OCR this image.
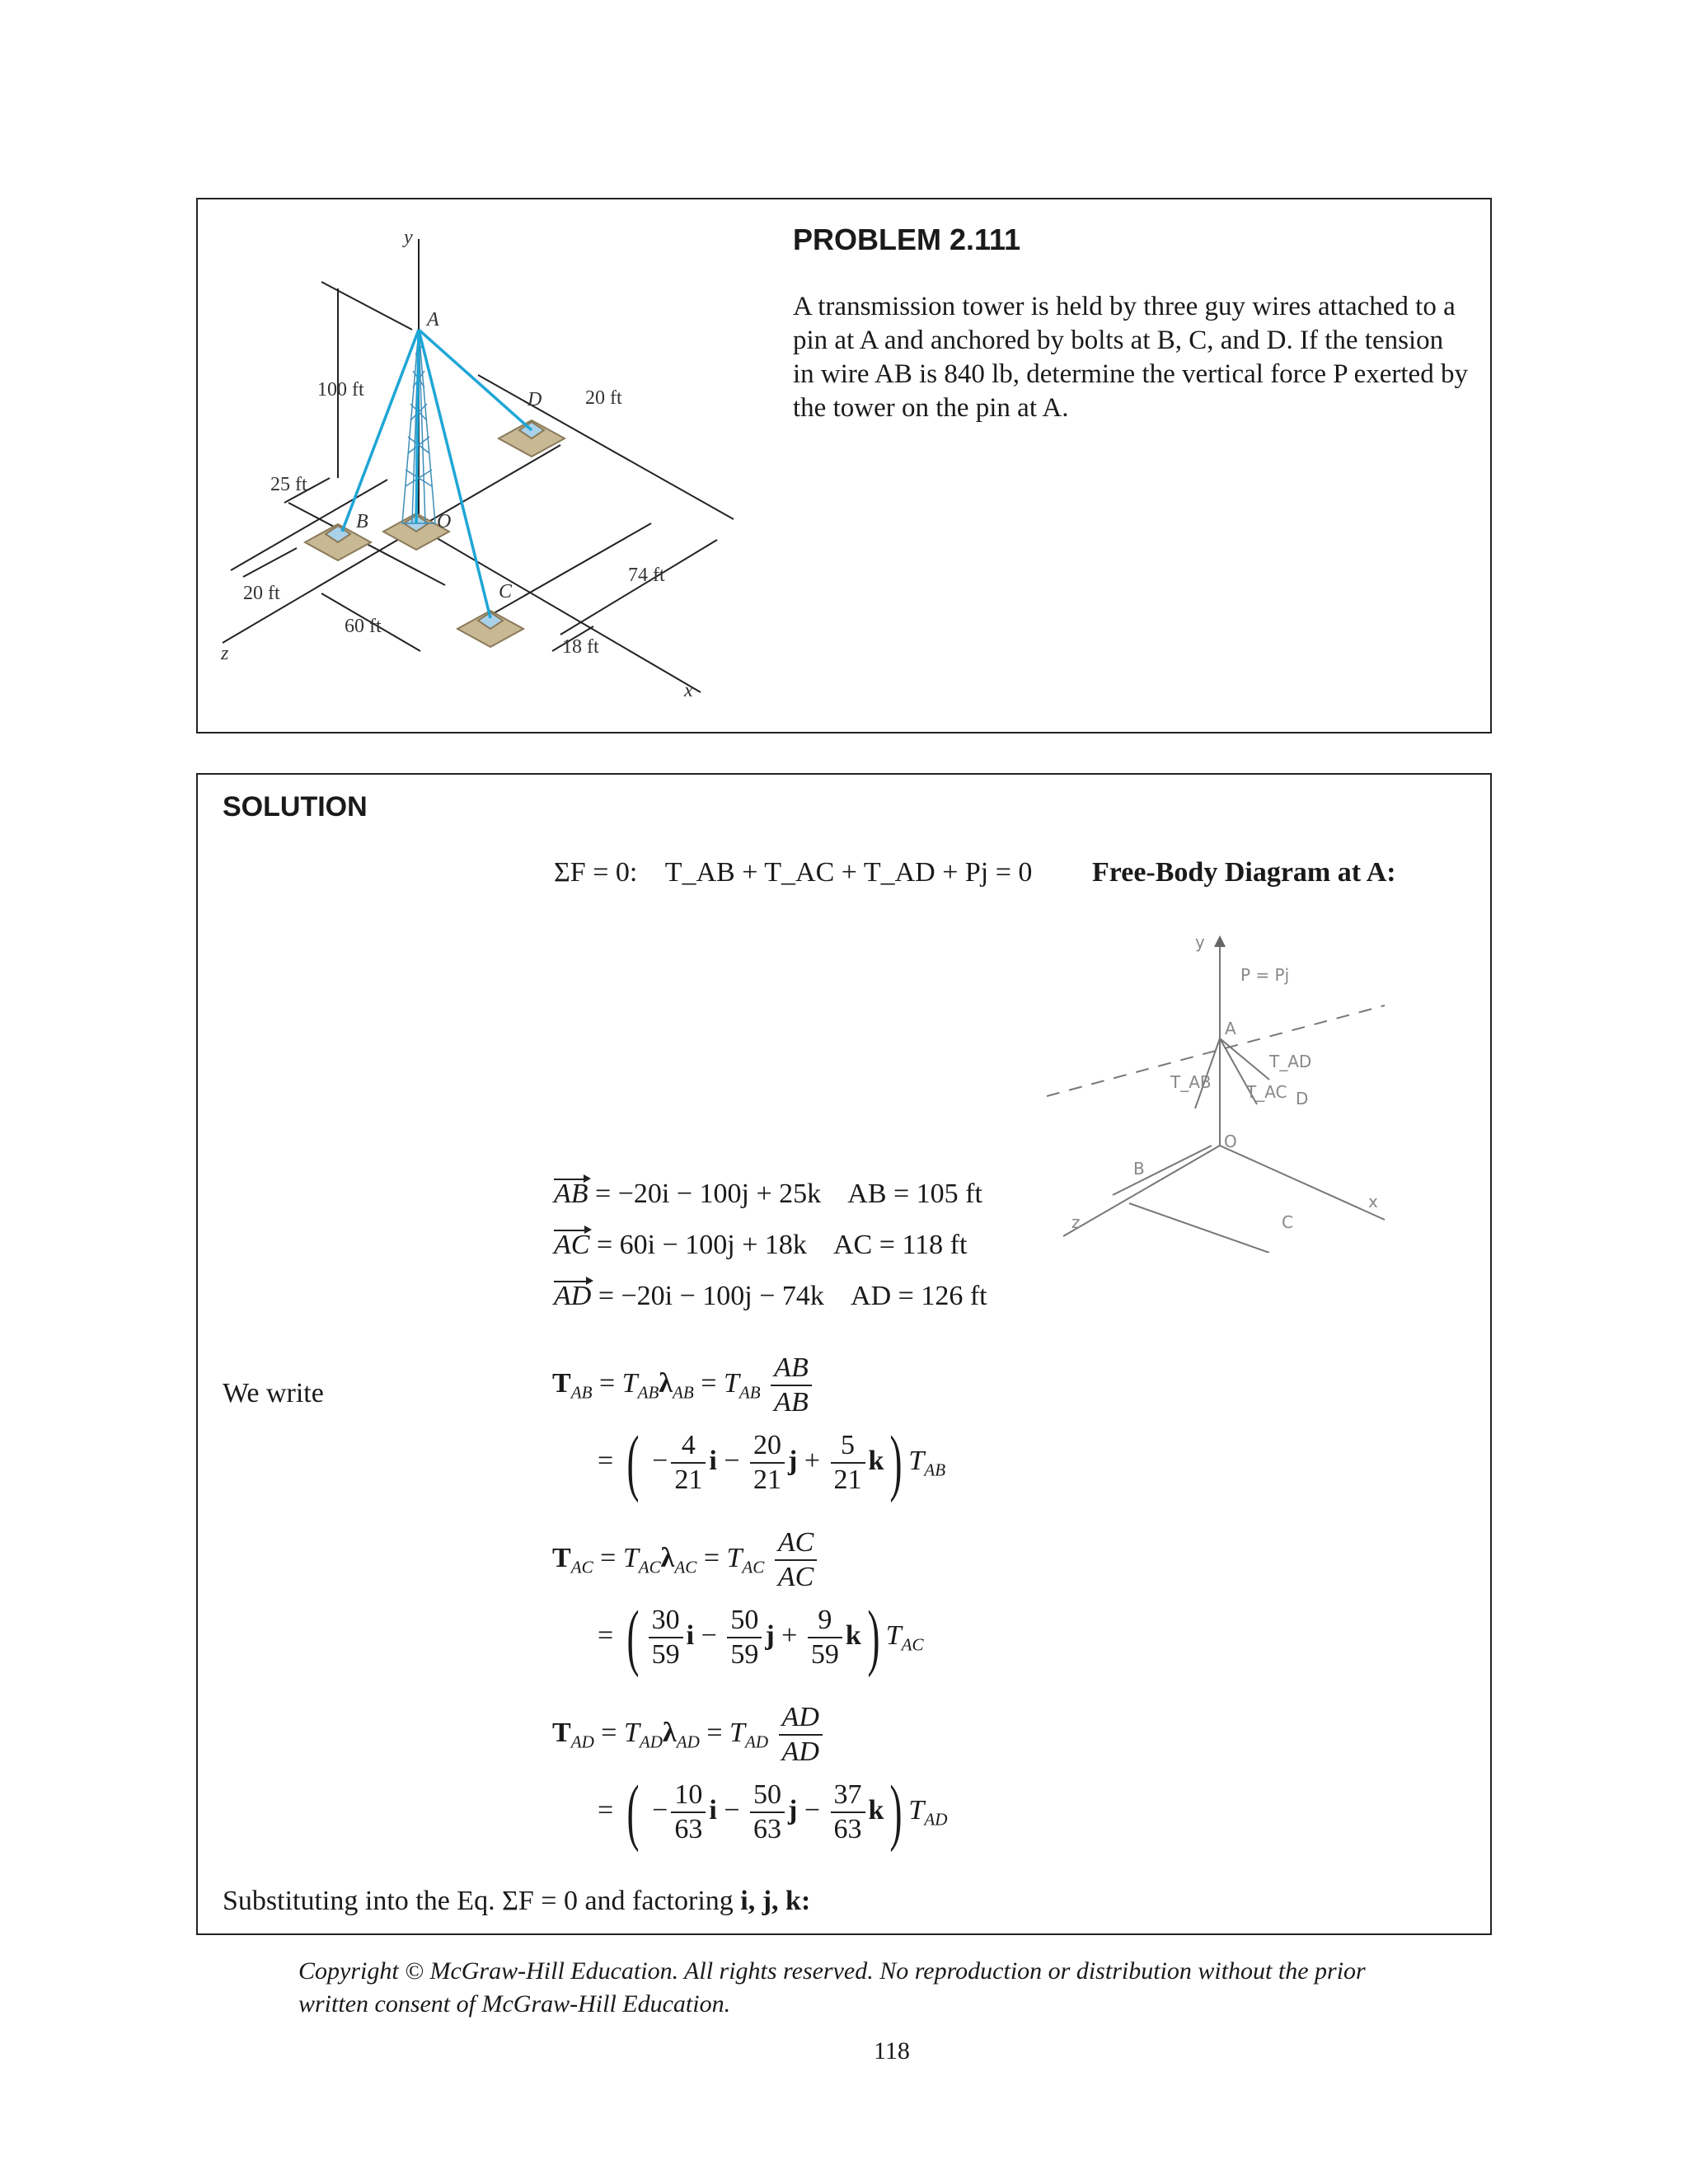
y
A
D
B	O
C
x
z
100 ft	20 ft
25 ft
20 ft
60 ft
74 ft
18 ft
PROBLEM 2.111
A transmission tower is held by three guy wires attached to a pin at A and anchored by bolts at B, C, and D. If the tension in wire AB is 840 lb, determine the vertical force P exerted by the tower on the pin at A.
SOLUTION
ΣF = 0: T_AB + T_AC + T_AD + Pj = 0 Free-Body Diagram at A:
y
P = Pj
A
T_AD
T_AB T_AC D
O
B
C
x
z
AB = −20i − 100j + 25k AB = 105 ft
AC = 60i − 100j + 18k AC = 118 ft
AD = −20i − 100j − 74k AD = 126 ft
We write	$T_{AB} = T_{AB}\lambda_{AB} = T_{AB} \frac{AB}{AB}$
= ( − $\frac{4}{21}$ $i - \frac{20}{21}$ $j + \frac{5}{21} k$) $T_{AB}$
$T_{AC} = T_{AC}\lambda_{AC} = T_{AC} \frac{AC}{AC}$
= ( $\frac{30}{59}$ $i - \frac{50}{59}$ $j + \frac{9}{59} k$) $T_{AC}$
$T_{AD} = T_{AD}\lambda_{AD} = T_{AD} \frac{AD}{AD}$
= ( − $\frac{10}{63}$ $i - \frac{50}{63}$ $j - \frac{37}{63} k$) $T_{AD}$
Substituting into the Eq. ΣF = 0 and factoring i, j, k:
Copyright © McGraw-Hill Education. All rights reserved. No reproduction or distribution without the prior
written consent of McGraw-Hill Education.
118
